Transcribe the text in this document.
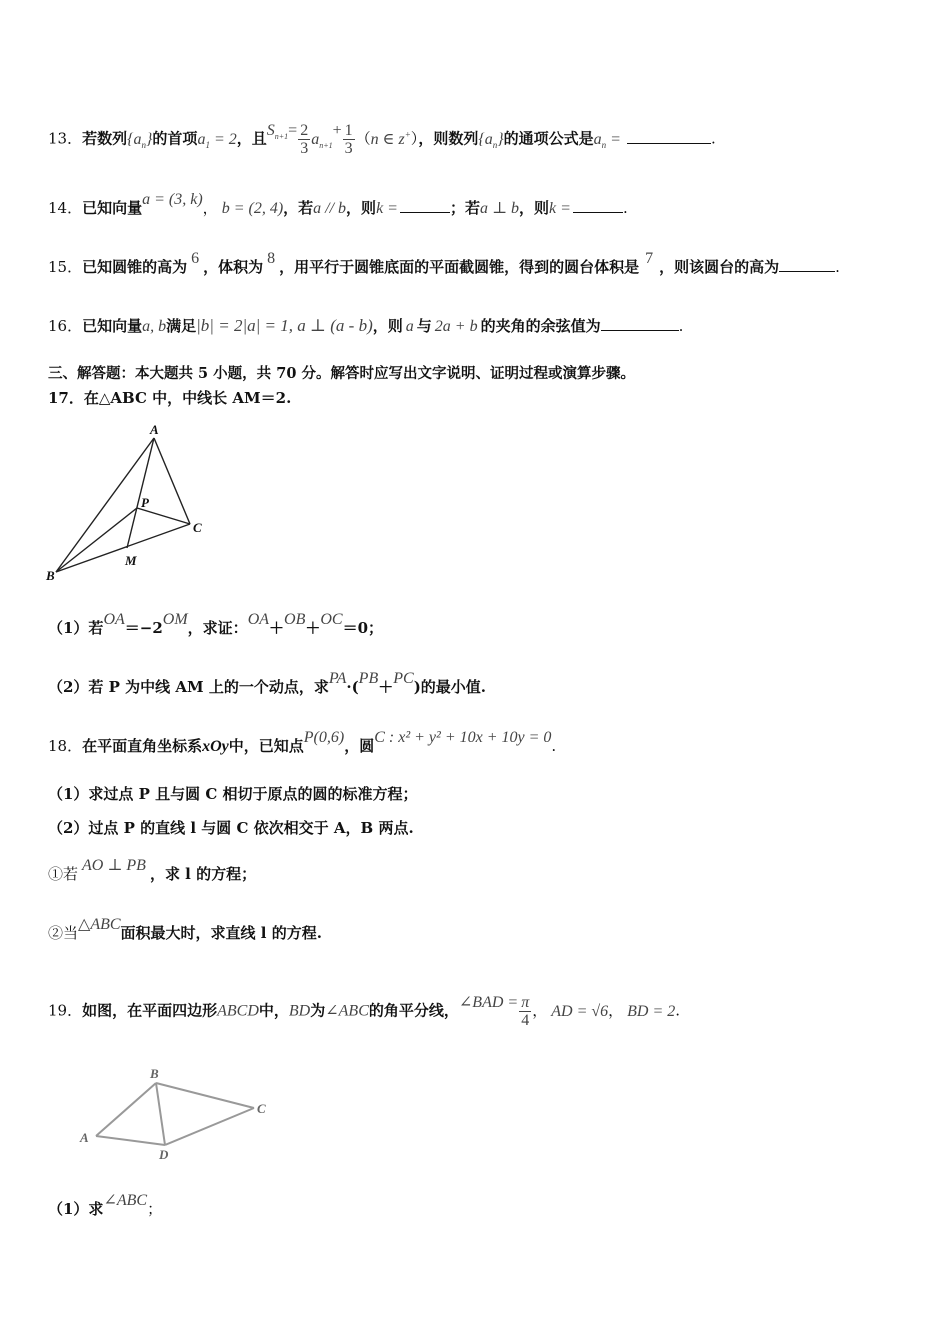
13．若数列$\{a_n\}$的首项$a_1 = 2$，且$S_{n+1}= \frac{2}{3} a_{n+1}+ \frac{1}{3} (n$ ∈ z+），则数列$\{a_n\}$的通项公式是$a_n$ =	.
14．已知向量a = (3, k)， b = (2, 4)，若a // b，则k =	；若a ⊥ b，则k =	.
15．已知圆锥的高为 6 ，体积为 8 ，用平行于圆锥底面的平面截圆锥，得到的圆台体积是 7 ，则该圆台的高为	.
16．已知向量a, b满足|b| = 2|a| = 1, a ⊥ (a - b)，则 a 与 2a + b 的夹角的余弦值为	.
三、解答题：本大题共 5 小题，共 70 分。解答时应写出文字说明、证明过程或演算步骤。
17．在△ABC 中，中线长 AM＝2.
A
B
C
P
M
（1）若OA＝−2OM，求证：OA＋OB＋OC＝0；
（2）若 P 为中线 AM 上的一个动点，求PA·(PB＋PC)的最小值.
18．在平面直角坐标系xOy中，已知点P(0,6)，圆C : x² + y² + 10x + 10y = 0.
（1）求过点 P 且与圆 C 相切于原点的圆的标准方程；
（2）过点 P 的直线 l 与圆 C 依次相交于 A，B 两点.
①若 AO ⊥ PB ，求 l 的方程；
②当△ABC面积最大时，求直线 l 的方程.
19．如图，在平面四边形ABCD中，BD为∠ABC的角平分线，∠BAD = $\frac{\pi}{4}$ ， AD = √6， BD = 2.
A
B
C
D
（1）求∠ABC；
